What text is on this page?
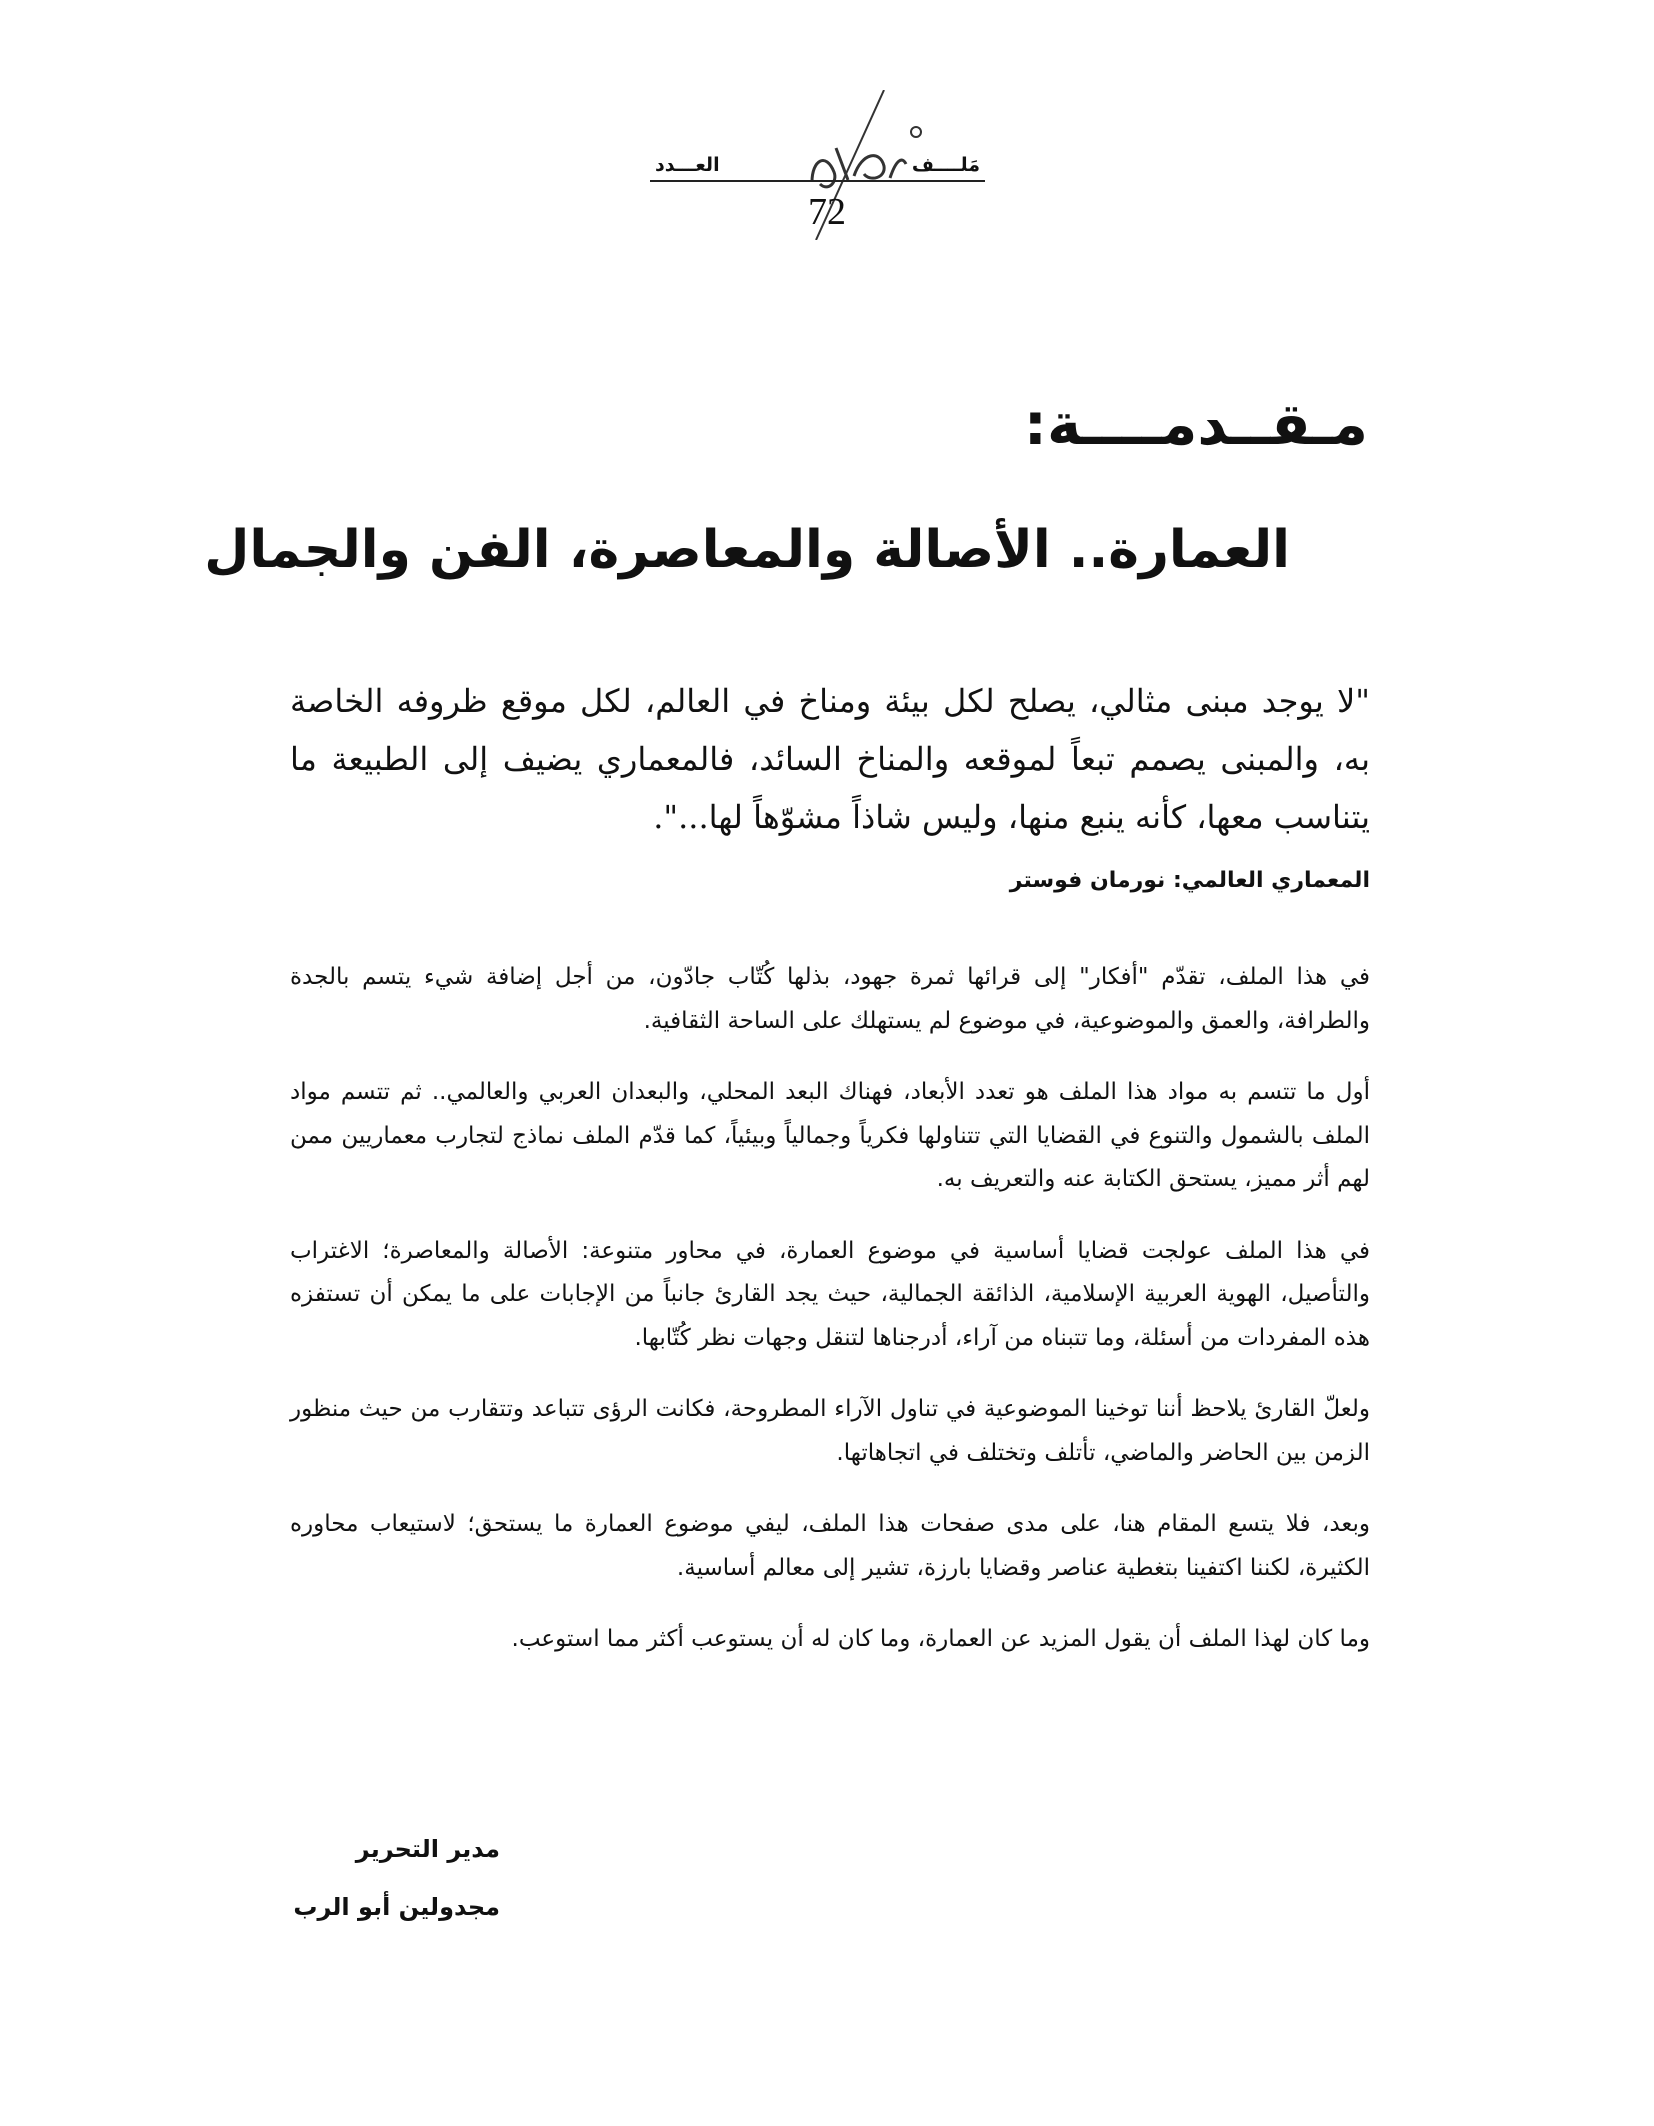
مَلــــف
العـــدد
72
مـقــدمــــة:
العمارة.. الأصالة والمعاصرة، الفن والجمال
"لا يوجد مبنى مثالي، يصلح لكل بيئة ومناخ في العالم، لكل موقع ظروفه الخاصة به، والمبنى يصمم تبعاً لموقعه والمناخ السائد، فالمعماري يضيف إلى الطبيعة ما يتناسب معها، كأنه ينبع منها، وليس شاذاً مشوّهاً لها...".
المعماري العالمي: نورمان فوستر

في هذا الملف، تقدّم "أفكار" إلى قرائها ثمرة جهود، بذلها كُتّاب جادّون، من أجل إضافة شيء يتسم بالجدة والطرافة، والعمق والموضوعية، في موضوع لم يستهلك على الساحة الثقافية.

أول ما تتسم به مواد هذا الملف هو تعدد الأبعاد، فهناك البعد المحلي، والبعدان العربي والعالمي.. ثم تتسم مواد الملف بالشمول والتنوع في القضايا التي تتناولها فكرياً وجمالياً وبيئياً، كما قدّم الملف نماذج لتجارب معماريين ممن لهم أثر مميز، يستحق الكتابة عنه والتعريف به.

في هذا الملف عولجت قضايا أساسية في موضوع العمارة، في محاور متنوعة: الأصالة والمعاصرة؛ الاغتراب والتأصيل، الهوية العربية الإسلامية، الذائقة الجمالية، حيث يجد القارئ جانباً من الإجابات على ما يمكن أن تستفزه هذه المفردات من أسئلة، وما تتبناه من آراء، أدرجناها لتنقل وجهات نظر كُتّابها.

ولعلّ القارئ يلاحظ أننا توخينا الموضوعية في تناول الآراء المطروحة، فكانت الرؤى تتباعد وتتقارب من حيث منظور الزمن بين الحاضر والماضي، تأتلف وتختلف في اتجاهاتها.

وبعد، فلا يتسع المقام هنا، على مدى صفحات هذا الملف، ليفي موضوع العمارة ما يستحق؛ لاستيعاب محاوره الكثيرة، لكننا اكتفينا بتغطية عناصر وقضايا بارزة، تشير إلى معالم أساسية.

وما كان لهذا الملف أن يقول المزيد عن العمارة، وما كان له أن يستوعب أكثر مما استوعب.

مدير التحرير
مجدولين أبو الرب
